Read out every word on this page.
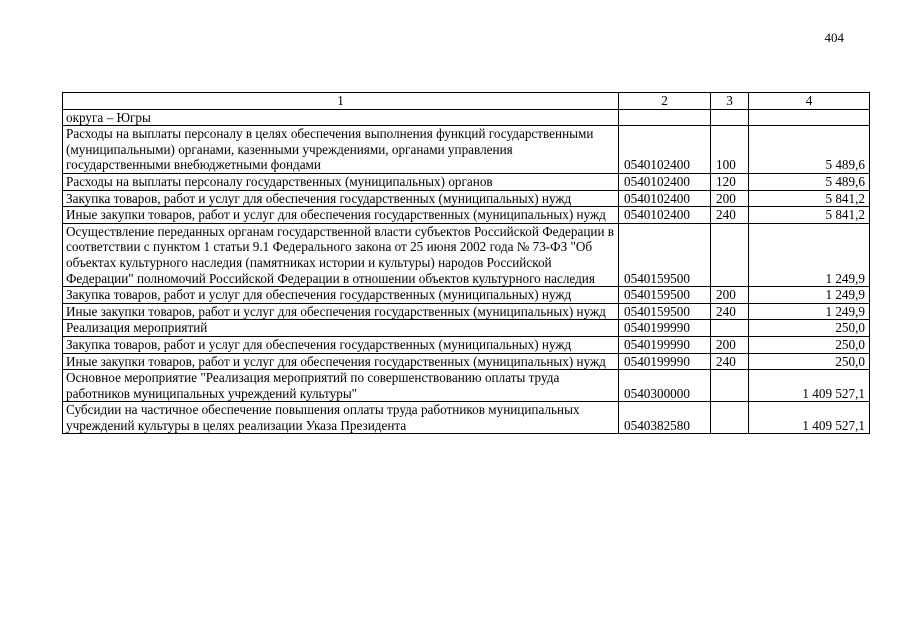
404
1	2	3	4
округа – Югры			
Расходы на выплаты персоналу в целях обеспечения выполнения функций государственными (муниципальными) органами, казенными учреждениями, органами управления государственными внебюджетными фондами	0540102400	100	5 489,6
Расходы на выплаты персоналу государственных (муниципальных) органов	0540102400	120	5 489,6
Закупка товаров, работ и услуг для обеспечения государственных (муниципальных) нужд	0540102400	200	5 841,2
Иные закупки товаров, работ и услуг для обеспечения государственных (муниципальных) нужд	0540102400	240	5 841,2
Осуществление переданных органам государственной власти субъектов Российской Федерации в соответствии с пунктом 1 статьи 9.1 Федерального закона от 25 июня 2002 года № 73-ФЗ "Об объектах культурного наследия (памятниках истории и культуры) народов Российской Федерации" полномочий Российской Федерации в отношении объектов культурного наследия	0540159500		1 249,9
Закупка товаров, работ и услуг для обеспечения государственных (муниципальных) нужд	0540159500	200	1 249,9
Иные закупки товаров, работ и услуг для обеспечения государственных (муниципальных) нужд	0540159500	240	1 249,9
Реализация мероприятий	0540199990		250,0
Закупка товаров, работ и услуг для обеспечения государственных (муниципальных) нужд	0540199990	200	250,0
Иные закупки товаров, работ и услуг для обеспечения государственных (муниципальных) нужд	0540199990	240	250,0
Основное мероприятие "Реализация мероприятий по совершенствованию оплаты труда работников муниципальных учреждений культуры"	0540300000		1 409 527,1
Субсидии на частичное обеспечение повышения оплаты труда работников муниципальных учреждений культуры в целях реализации Указа Президента	0540382580		1 409 527,1
